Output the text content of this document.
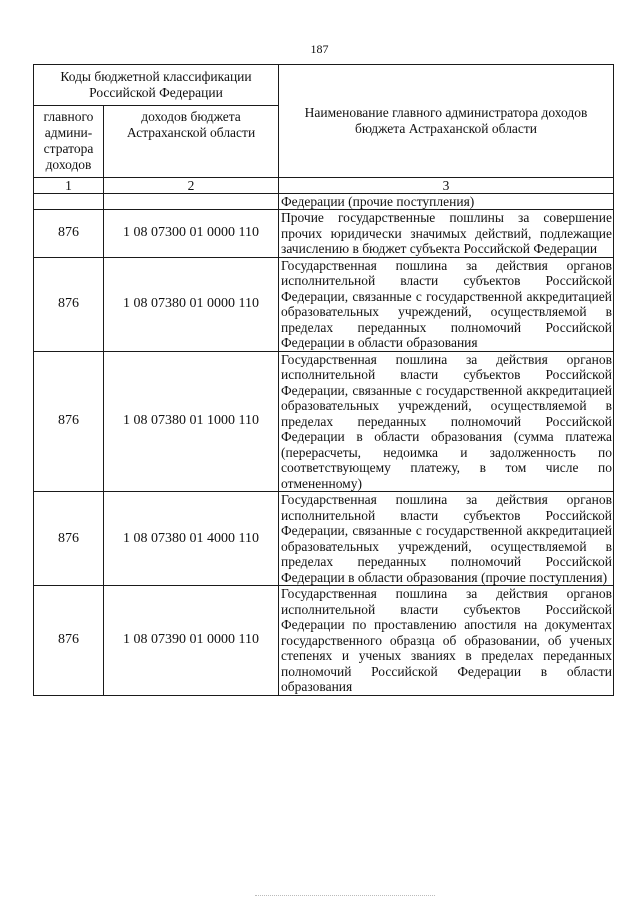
187
Коды бюджетной классификации Российской Федерации		Наименование главного администратора доходов бюджета Астраханской области
главного админи-стратора доходов	доходов бюджета Астраханской области	
1	2	3
		Федерации (прочие поступления)
876	1 08 07300 01 0000 110	Прочие государственные пошлины за совершение прочих юридически значимых действий, подлежащие зачислению в бюджет субъекта Российской Федерации
876	1 08 07380 01 0000 110	Государственная пошлина за действия органов исполнительной власти субъектов Российской Федерации, связанные с государственной аккредитацией образовательных учреждений, осуществляемой в пределах переданных полномочий Российской Федерации в области образования
876	1 08 07380 01 1000 110	Государственная пошлина за действия органов исполнительной власти субъектов Российской Федерации, связанные с государственной аккредитацией образовательных учреждений, осуществляемой в пределах переданных полномочий Российской Федерации в области образования (сумма платежа (перерасчеты, недоимка и задолженность по соответствующему платежу, в том числе по отмененному)
876	1 08 07380 01 4000 110	Государственная пошлина за действия органов исполнительной власти субъектов Российской Федерации, связанные с государственной аккредитацией образовательных учреждений, осуществляемой в пределах переданных полномочий Российской Федерации в области образования (прочие поступления)
876	1 08 07390 01 0000 110	Государственная пошлина за действия органов исполнительной власти субъектов Российской Федерации по проставлению апостиля на документах государственного образца об образовании, об ученых степенях и ученых званиях в пределах переданных полномочий Российской Федерации в области образования
